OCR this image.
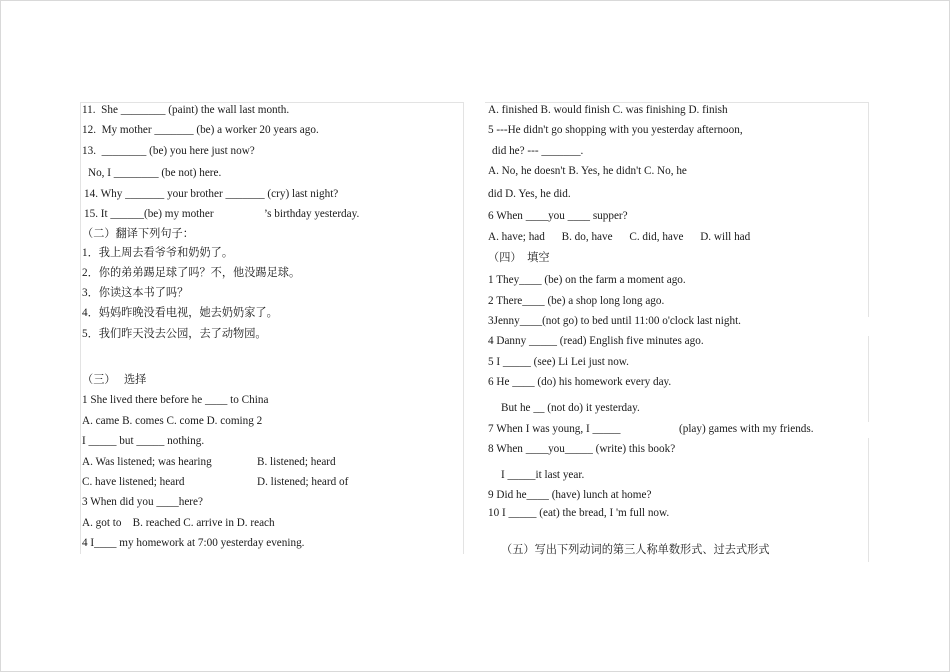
11.  She ________ (paint) the wall last month.
12.  My mother _______ (be) a worker 20 years ago.
13.  ________ (be) you here just now?
No, I ________ (be not) here.
14. Why _______ your brother _______ (cry) last night?
15. It ______(be) my mother	’s birthday yesterday.
（二）翻译下列句子：
1．我上周去看爷爷和奶奶了。
2．你的弟弟踢足球了吗？不，他没踢足球。
3．你读这本书了吗？
4．妈妈昨晚没看电视，她去奶奶家了。
5．我们昨天没去公园，去了动物园。
（三）   选择
1 She lived there before he ____ to China
A. came B. comes C. come D. coming 2
I _____ but _____ nothing.
A. Was listened; was hearing	B. listened; heard
C. have listened; heard	D. listened; heard of
3 When did you ____here?
A. got to    B. reached C. arrive in D. reach
4 I____ my homework at 7:00 yesterday evening.
A. finished B. would finish C. was finishing D. finish
5 ---He didn't go shopping with you yesterday afternoon,
did he? --- _______.
A. No, he doesn't B. Yes, he didn't C. No, he
did D. Yes, he did.
6 When ____you ____ supper?
A. have; had      B. do, have      C. did, have      D. will had
（四）  填空
1 They____ (be) on the farm a moment ago.
2 There____ (be) a shop long long ago.
3Jenny____(not go) to bed until 11:00 o'clock last night.
4 Danny _____ (read) English five minutes ago.
5 I _____ (see) Li Lei just now.
6 He ____ (do) his homework every day.
But he __ (not do) it yesterday.
7 When I was young, I _____	(play) games with my friends.
8 When ____you_____ (write) this book?
I _____it last year.
9 Did he____ (have) lunch at home?
10 I _____ (eat) the bread, I 'm full now.
（五）写出下列动词的第三人称单数形式、过去式形式
